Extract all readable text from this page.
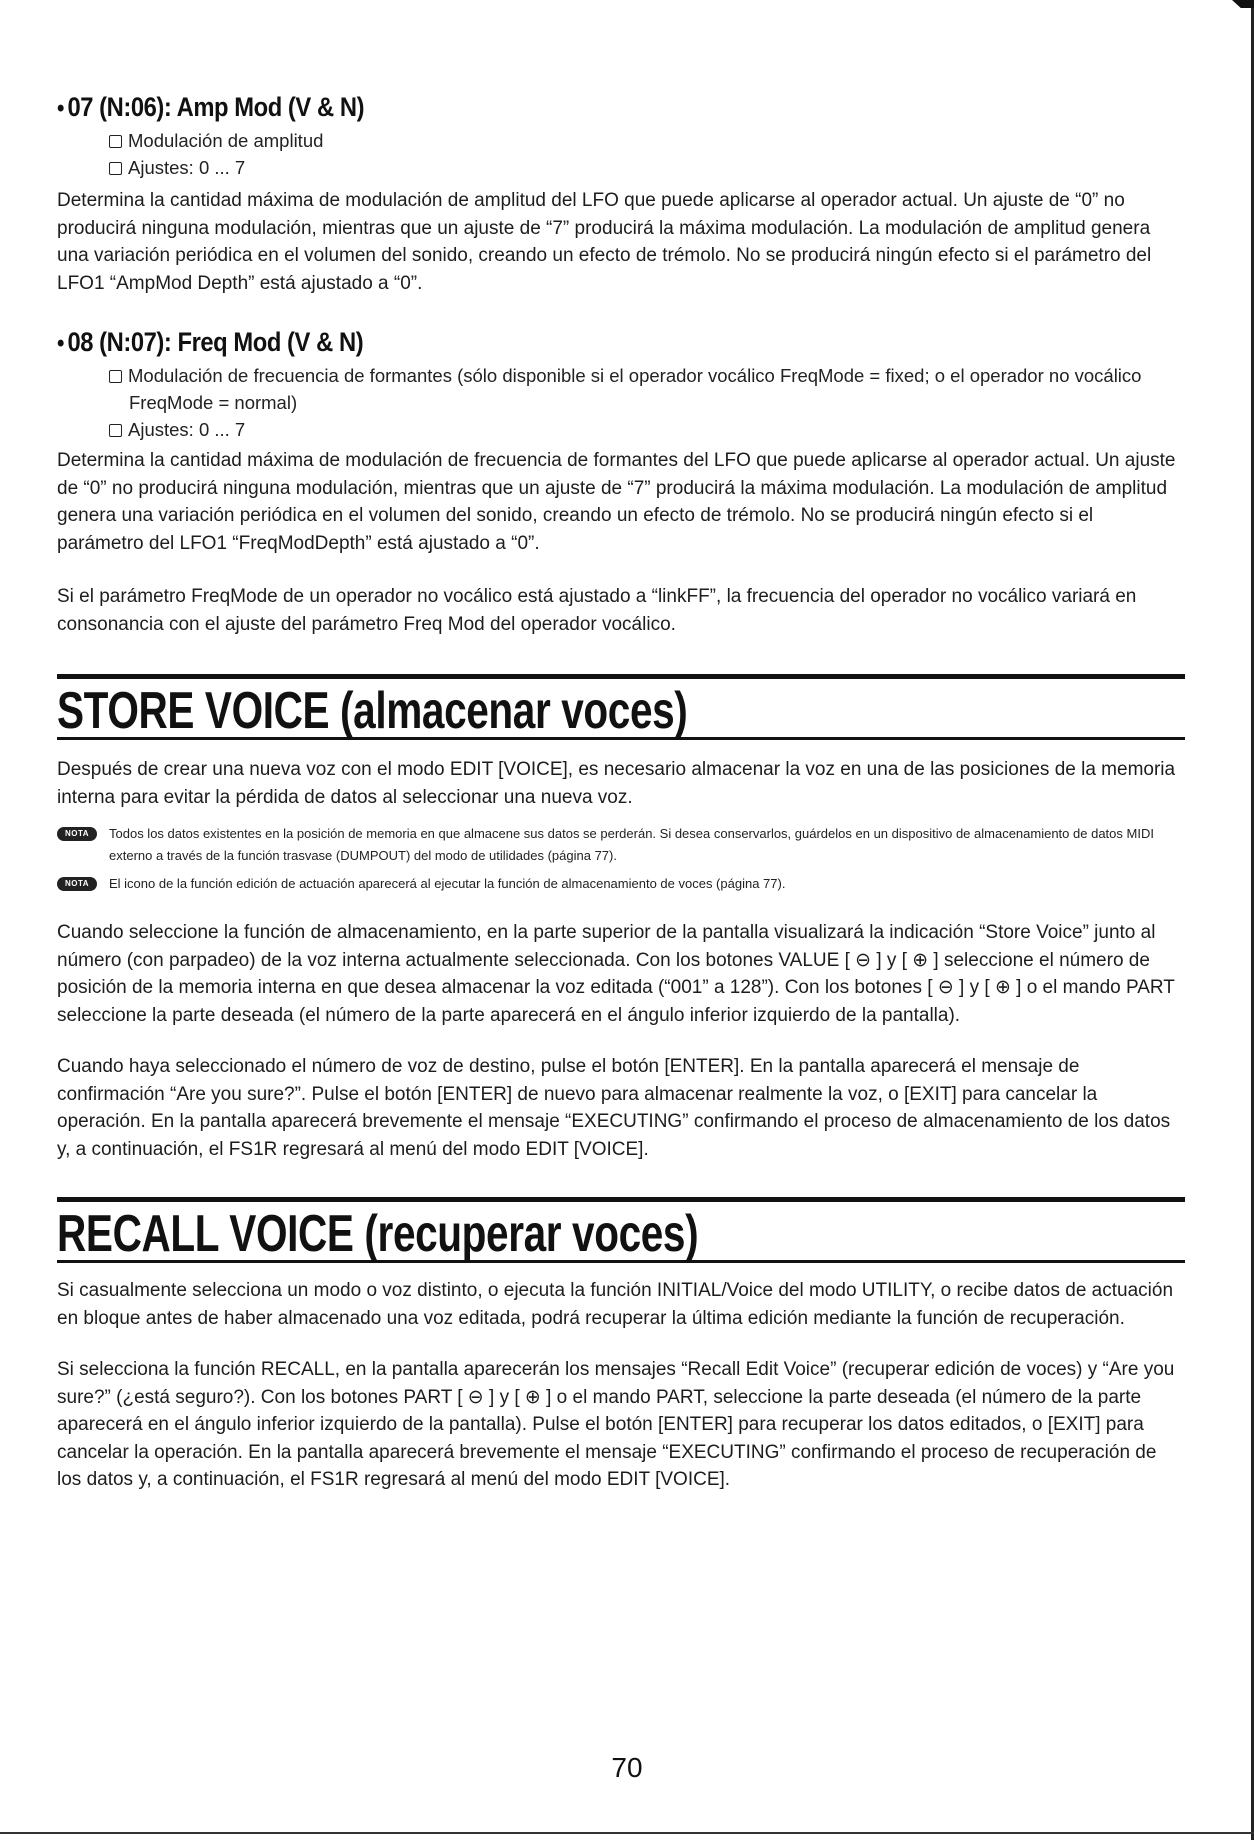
• 07 (N:06): Amp Mod (V & N)
Modulación de amplitud
Ajustes: 0 ... 7

Determina la cantidad máxima de modulación de amplitud del LFO que puede aplicarse al operador actual. Un ajuste de “0” no producirá ninguna modulación, mientras que un ajuste de “7” producirá la máxima modulación. La modulación de amplitud genera una variación periódica en el volumen del sonido, creando un efecto de trémolo. No se producirá ningún efecto si el parámetro del LFO1 “AmpMod Depth” está ajustado a “0”.

• 08 (N:07): Freq Mod (V & N)
Modulación de frecuencia de formantes (sólo disponible si el operador vocálico FreqMode = fixed; o el operador no vocálico FreqMode = normal)
Ajustes: 0 ... 7

Determina la cantidad máxima de modulación de frecuencia de formantes del LFO que puede aplicarse al operador actual. Un ajuste de “0” no producirá ninguna modulación, mientras que un ajuste de “7” producirá la máxima modulación. La modulación de amplitud genera una variación periódica en el volumen del sonido, creando un efecto de trémolo. No se producirá ningún efecto si el parámetro del LFO1 “FreqModDepth” está ajustado a “0”.

Si el parámetro FreqMode de un operador no vocálico está ajustado a “linkFF”, la frecuencia del operador no vocálico variará en consonancia con el ajuste del parámetro Freq Mod del operador vocálico.

STORE VOICE (almacenar voces)

Después de crear una nueva voz con el modo EDIT [VOICE], es necesario almacenar la voz en una de las posiciones de la memoria interna para evitar la pérdida de datos al seleccionar una nueva voz.

NOTA	Todos los datos existentes en la posición de memoria en que almacene sus datos se perderán. Si desea conservarlos, guárdelos en un dispositivo de almacenamiento de datos MIDI externo a través de la función trasvase (DUMPOUT) del modo de utilidades (página 77).

NOTA	El icono de la función edición de actuación aparecerá al ejecutar la función de almacenamiento de voces (página 77).

Cuando seleccione la función de almacenamiento, en la parte superior de la pantalla visualizará la indicación “Store Voice” junto al número (con parpadeo) de la voz interna actualmente seleccionada. Con los botones VALUE [ ⊖ ] y [ ⊕ ] seleccione el número de posición de la memoria interna en que desea almacenar la voz editada (“001” a 128”). Con los botones [ ⊖ ] y [ ⊕ ] o el mando PART seleccione la parte deseada (el número de la parte aparecerá en el ángulo inferior izquierdo de la pantalla).

Cuando haya seleccionado el número de voz de destino, pulse el botón [ENTER]. En la pantalla aparecerá el mensaje de confirmación “Are you sure?”. Pulse el botón [ENTER] de nuevo para almacenar realmente la voz, o [EXIT] para cancelar la operación. En la pantalla aparecerá brevemente el mensaje “EXECUTING” confirmando el proceso de almacenamiento de los datos y, a continuación, el FS1R regresará al menú del modo EDIT [VOICE].

RECALL VOICE (recuperar voces)

Si casualmente selecciona un modo o voz distinto, o ejecuta la función INITIAL/Voice del modo UTILITY, o recibe datos de actuación en bloque antes de haber almacenado una voz editada, podrá recuperar la última edición mediante la función de recuperación.

Si selecciona la función RECALL, en la pantalla aparecerán los mensajes “Recall Edit Voice” (recuperar edición de voces) y “Are you sure?” (¿está seguro?). Con los botones PART [ ⊖ ] y [ ⊕ ] o el mando PART, seleccione la parte deseada (el número de la parte aparecerá en el ángulo inferior izquierdo de la pantalla). Pulse el botón [ENTER] para recuperar los datos editados, o [EXIT] para cancelar la operación. En la pantalla aparecerá brevemente el mensaje “EXECUTING” confirmando el proceso de recuperación de los datos y, a continuación, el FS1R regresará al menú del modo EDIT [VOICE].

70
